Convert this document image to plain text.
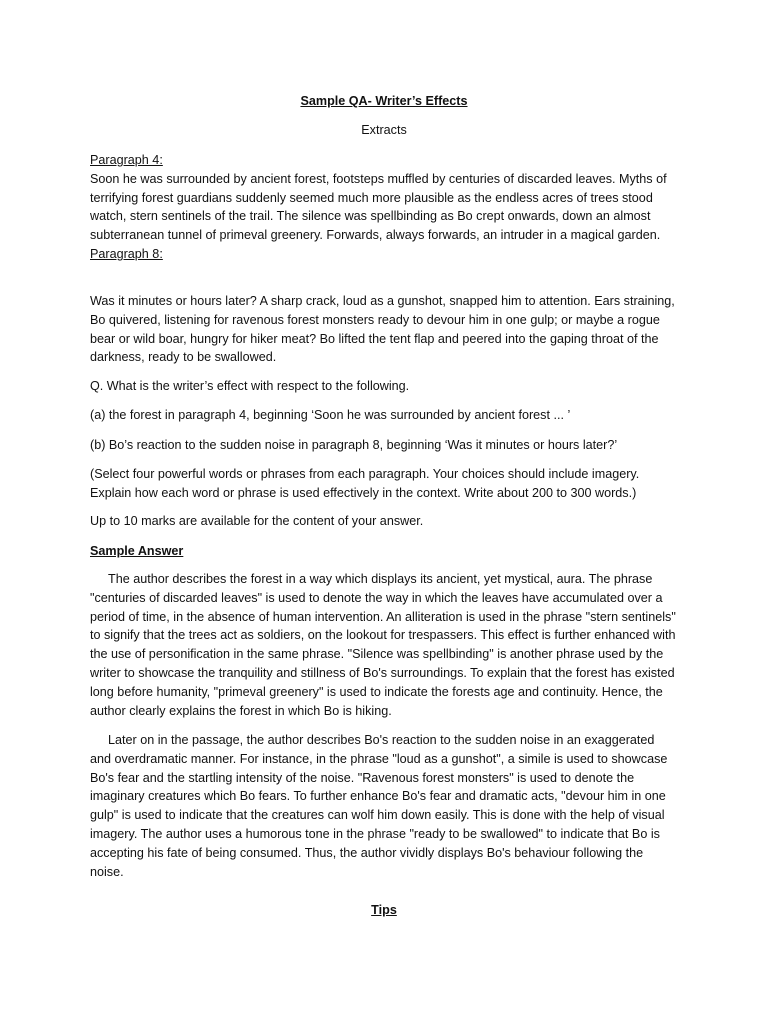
Sample QA- Writer’s Effects
Extracts

Paragraph 4:

Soon he was surrounded by ancient forest, footsteps muffled by centuries of discarded leaves. Myths of terrifying forest guardians suddenly seemed much more plausible as the endless acres of trees stood watch, stern sentinels of the trail. The silence was spellbinding as Bo crept onwards, down an almost subterranean tunnel of primeval greenery. Forwards, always forwards, an intruder in a magical garden.

Paragraph 8:

Was it minutes or hours later? A sharp crack, loud as a gunshot, snapped him to attention. Ears straining, Bo quivered, listening for ravenous forest monsters ready to devour him in one gulp; or maybe a rogue bear or wild boar, hungry for hiker meat? Bo lifted the tent flap and peered into the gaping throat of the darkness, ready to be swallowed.
Q. What is the writer’s effect with respect to the following.
(a) the forest in paragraph 4, beginning ‘Soon he was surrounded by ancient forest ... ’
(b) Bo’s reaction to the sudden noise in paragraph 8, beginning ‘Was it minutes or hours later?’
(Select four powerful words or phrases from each paragraph. Your choices should include imagery. Explain how each word or phrase is used effectively in the context. Write about 200 to 300 words.)
Up to 10 marks are available for the content of your answer.
Sample Answer
The author describes the forest in a way which displays its ancient, yet mystical, aura. The phrase "centuries of discarded leaves" is used to denote the way in which the leaves have accumulated over a period of time, in the absence of human intervention. An alliteration is used in the phrase "stern sentinels" to signify that the trees act as soldiers, on the lookout for trespassers. This effect is further enhanced with the use of personification in the same phrase. "Silence was spellbinding" is another phrase used by the writer to showcase the tranquility and stillness of Bo's surroundings. To explain that the forest has existed long before humanity, "primeval greenery" is used to indicate the forests age and continuity. Hence, the author clearly explains the forest in which Bo is hiking.
Later on in the passage, the author describes Bo's reaction to the sudden noise in an exaggerated and overdramatic manner. For instance, in the phrase "loud as a gunshot", a simile is used to showcase Bo's fear and the startling intensity of the noise. "Ravenous forest monsters" is used to denote the imaginary creatures which Bo fears. To further enhance Bo's fear and dramatic acts, "devour him in one gulp" is used to indicate that the creatures can wolf him down easily. This is done with the help of visual imagery. The author uses a humorous tone in the phrase "ready to be swallowed" to indicate that Bo is accepting his fate of being consumed. Thus, the author vividly displays Bo's behaviour following the noise.
Tips
